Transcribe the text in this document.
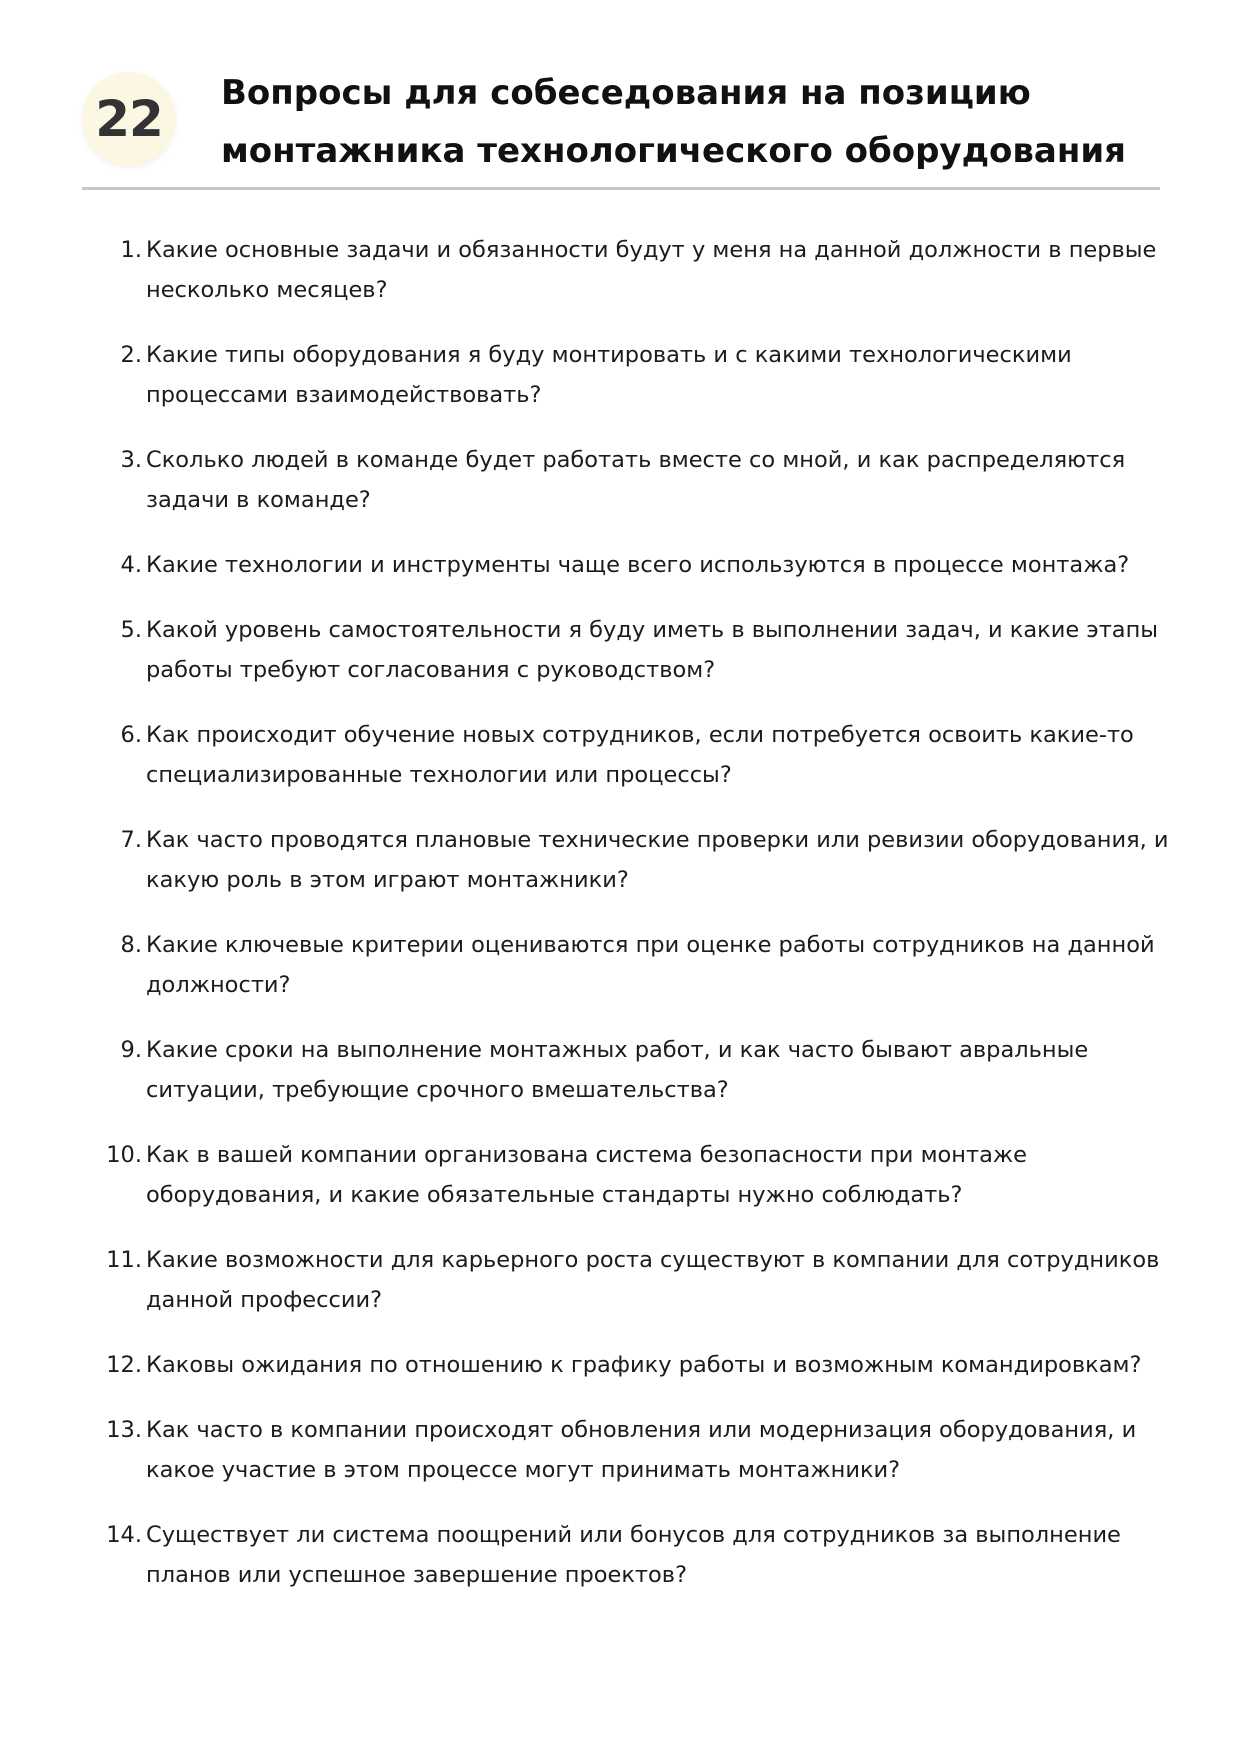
22	Вопросы для собеседования на позицию
монтажника технологического оборудования
1. Какие основные задачи и обязанности будут у меня на данной должности в первые
несколько месяцев?
2. Какие типы оборудования я буду монтировать и с какими технологическими
процессами взаимодействовать?
3. Сколько людей в команде будет работать вместе со мной, и как распределяются
задачи в команде?
4. Какие технологии и инструменты чаще всего используются в процессе монтажа?
5. Какой уровень самостоятельности я буду иметь в выполнении задач, и какие этапы
работы требуют согласования с руководством?
6. Как происходит обучение новых сотрудников, если потребуется освоить какие-то
специализированные технологии или процессы?
7. Как часто проводятся плановые технические проверки или ревизии оборудования, и
какую роль в этом играют монтажники?
8. Какие ключевые критерии оцениваются при оценке работы сотрудников на данной
должности?
9. Какие сроки на выполнение монтажных работ, и как часто бывают авральные
ситуации, требующие срочного вмешательства?
10. Как в вашей компании организована система безопасности при монтаже
оборудования, и какие обязательные стандарты нужно соблюдать?
11. Какие возможности для карьерного роста существуют в компании для сотрудников
данной профессии?
12. Каковы ожидания по отношению к графику работы и возможным командировкам?
13. Как часто в компании происходят обновления или модернизация оборудования, и
какое участие в этом процессе могут принимать монтажники?
14. Существует ли система поощрений или бонусов для сотрудников за выполнение
планов или успешное завершение проектов?
